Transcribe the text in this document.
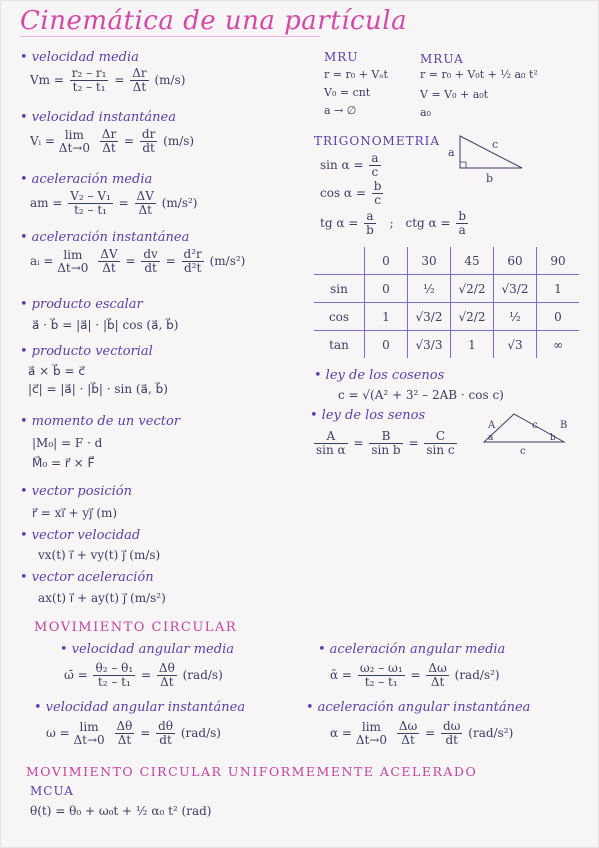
Cinemática de una partícula
• velocidad media
$Vm = \frac{\text{r₂ – r₁}}{\text{t₂ – t₁}} = \frac{\Delta r}{\Delta t} (m/s)$
• velocidad instantánea
Vᵢ = lim
Δt→0
$\frac{\Delta r}{\Delta t} = \frac{dr}{dt} (m/s)$
• aceleración media
am = $\frac{\text{V₂ – V₁}}{\text{t₂ – t₁}} = \frac{\Delta V}{\Delta t} (m/s^2)$
• aceleración instantánea
aᵢ = lim
Δt→0
$\frac{\Delta V}{\Delta t} = \frac{dv}{dt} = \frac{\text{d²r}}{\text{d²t}} (m/s^2)$
• producto escalar
a⃗ · b⃗ = |a⃗| · |b⃗| cos (a⃗, b⃗)
• producto vectorial
a⃗ × b⃗ = c⃗
|c⃗| = |a⃗| · |b⃗| · sin (a⃗, b⃗)
• momento de un vector
|M₀| = F · d
M⃗₀ = r⃗ × F⃗
• vector posición
r⃗ = xi⃗ + yj⃗ (m)
• vector velocidad
vx(t) i⃗ + vy(t) j⃗ (m/s)
• vector aceleración
ax(t) i⃗ + ay(t) j⃗ (m/s²)
MRU
r = r₀ + Vₒt
V₀ = cnt
a → ∅
MRUA
r = r₀ + V₀t + ½ a₀ t²
V = V₀ + a₀t
a₀
TRIGONOMETRIA
$\sin \alpha = \frac{a}{c}$
$\cos \alpha = \frac{b}{c}$
tg $\alpha = \frac{a}{b}$ ; ctg $\alpha = \frac{b}{a}$
a
b
c
	0	30	45	60	90
sin	0	½	√2/2	√3/2	1
cos	1	√3/2	√2/2	½	0
tan	0	√3/3	1	√3	∞
• ley de los cosenos
c = √(A² + 3² – 2AB · cos c)
• ley de los senos
$\frac{A}{\text{sin α}} = \frac{B}{\text{sin b}} = \frac{C}{\text{sin c}}$
A	B
c
c
a	b
MOVIMIENTO CIRCULAR
• velocidad angular media
ω̄ = $\frac{\text{θ₂ – θ₁}}{\text{t₂ – t₁}} = \frac{\Delta\theta}{\Delta t} (rad/s)$
• aceleración angular media
ᾱ = $\frac{\text{ω₂ – ω₁}}{\text{t₂ – t₁}} = \frac{\Delta\omega}{\Delta t} (rad/s^2)$
• velocidad angular instantánea
ω = lim
Δt→0
$\frac{\Delta\theta}{\Delta t} = \frac{d\theta}{dt} (rad/s)$
• aceleración angular instantánea
α = lim
Δt→0
$\frac{\Delta\omega}{\Delta t} = \frac{d\omega}{dt} (rad/s^2)$
MOVIMIENTO CIRCULAR UNIFORMEMENTE ACELERADO
MCUA
θ(t) = θ₀ + ω₀t + ½ α₀ t² (rad)
